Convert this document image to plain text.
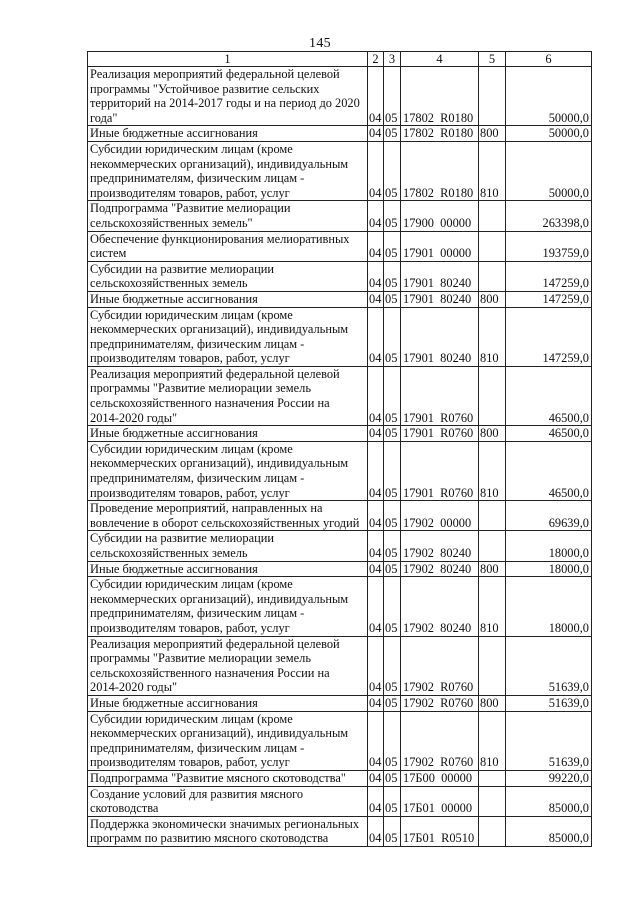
145
1	2	3	4	5	6

Реализация мероприятий федеральной целевой
программы "Устойчивое развитие сельских
территорий на 2014-2017 годы и на период до 2020
года"	04	05	17802  R0180		50000,0

Иные бюджетные ассигнования	04	05	17802  R0180	800	50000,0

Субсидии юридическим лицам (кроме
некоммерческих организаций), индивидуальным
предпринимателям, физическим лицам -
производителям товаров, работ, услуг	04	05	17802  R0180	810	50000,0

Подпрограмма "Развитие мелиорации
сельскохозяйственных земель"	04	05	17900  00000		263398,0

Обеспечение функционирования мелиоративных
систем	04	05	17901  00000		193759,0

Субсидии на развитие мелиорации
сельскохозяйственных земель	04	05	17901  80240		147259,0

Иные бюджетные ассигнования	04	05	17901  80240	800	147259,0

Субсидии юридическим лицам (кроме
некоммерческих организаций), индивидуальным
предпринимателям, физическим лицам -
производителям товаров, работ, услуг	04	05	17901  80240	810	147259,0

Реализация мероприятий федеральной целевой
программы "Развитие мелиорации земель
сельскохозяйственного назначения России на
2014-2020 годы"	04	05	17901  R0760		46500,0

Иные бюджетные ассигнования	04	05	17901  R0760	800	46500,0

Субсидии юридическим лицам (кроме
некоммерческих организаций), индивидуальным
предпринимателям, физическим лицам -
производителям товаров, работ, услуг	04	05	17901  R0760	810	46500,0

Проведение мероприятий, направленных на
вовлечение в оборот сельскохозяйственных угодий	04	05	17902  00000		69639,0

Субсидии на развитие мелиорации
сельскохозяйственных земель	04	05	17902  80240		18000,0

Иные бюджетные ассигнования	04	05	17902  80240	800	18000,0

Субсидии юридическим лицам (кроме
некоммерческих организаций), индивидуальным
предпринимателям, физическим лицам -
производителям товаров, работ, услуг	04	05	17902  80240	810	18000,0

Реализация мероприятий федеральной целевой
программы "Развитие мелиорации земель
сельскохозяйственного назначения России на
2014-2020 годы"	04	05	17902  R0760		51639,0

Иные бюджетные ассигнования	04	05	17902  R0760	800	51639,0

Субсидии юридическим лицам (кроме
некоммерческих организаций), индивидуальным
предпринимателям, физическим лицам -
производителям товаров, работ, услуг	04	05	17902  R0760	810	51639,0

Подпрограмма "Развитие мясного скотоводства"	04	05	17Б00  00000		99220,0

Создание условий для развития мясного
скотоводства	04	05	17Б01  00000		85000,0

Поддержка экономически значимых региональных
программ по развитию мясного скотоводства	04	05	17Б01  R0510		85000,0
